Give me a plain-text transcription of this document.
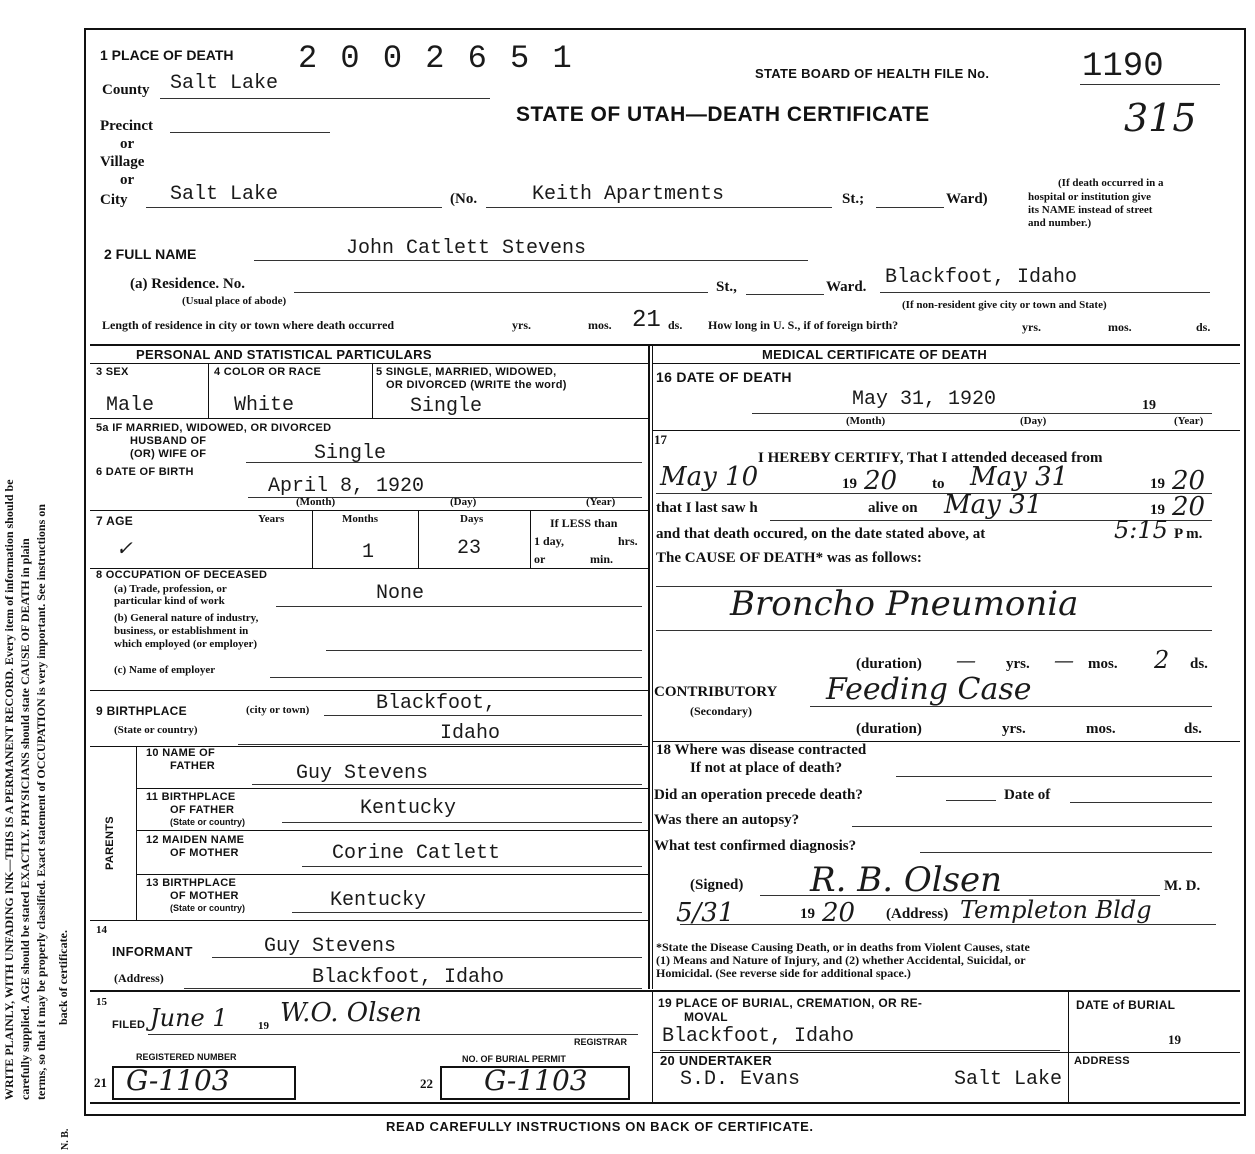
WRITE PLAINLY, WITH UNFADING INK—THIS IS A PERMANENT RECORD. Every item of information should be carefully supplied. AGE should be stated EXACTLY. PHYSICIANS should state CAUSE OF DEATH in plain terms, so that it may be properly classified. Exact statement of OCCUPATION is very important. See instructions on back of certificate.
N. B.
1 PLACE OF DEATH 2 0 0 2 6 5 1	STATE BOARD OF HEALTH FILE No.	1190
STATE OF UTAH—DEATH CERTIFICATE	315
County Salt Lake
Precinct
or
Village
or
City Salt Lake	(No.	Keith Apartments	St.;	Ward)
(If death occurred in a
hospital or institution give
its NAME instead of street
and number.)
2 FULL NAME	John Catlett Stevens
(a) Residence. No.
(Usual place of abode)
St.,	Ward. Blackfoot, Idaho
(If non-resident give city or town and State)
Length of residence in city or town where death occurred	yrs.	mos. 21 ds. How long in U. S., if of foreign birth?	yrs.	mos.	ds.
PERSONAL AND STATISTICAL PARTICULARS
3 SEX
Male
4 COLOR OR RACE
White
5 SINGLE, MARRIED, WIDOWED,
OR DIVORCED (WRITE the word)
Single
5a IF MARRIED, WIDOWED, OR DIVORCED
HUSBAND OF
(OR) WIFE OF	Single
6 DATE OF BIRTH
April 8, 1920
(Month)	(Day)	(Year)
7 AGE	Years
✓
Months
1
Days
23
If LESS than
1 day,	hrs.
or	min.
8 OCCUPATION OF DECEASED
(a) Trade, profession, or
particular kind of work	None
(b) General nature of industry,
business, or establishment in
which employed (or employer)
(c) Name of employer
9 BIRTHPLACE	(city or town)	Blackfoot,
(State or country)	Idaho
PARENTS
10 NAME OF
FATHER	Guy Stevens
11 BIRTHPLACE
OF FATHER
(State or country)
Kentucky
12 MAIDEN NAME
OF MOTHER	Corine Catlett
13 BIRTHPLACE
OF MOTHER
(State or country)	Kentucky
14
INFORMANT	Guy Stevens
(Address)	Blackfoot, Idaho
15
FILED June 1	19 W.O. Olsen
REGISTRAR
REGISTERED NUMBER
21 G-1103
NO. OF BURIAL PERMIT
22 G-1103
MEDICAL CERTIFICATE OF DEATH
16 DATE OF DEATH
May 31, 1920	19
(Month)	(Day)	(Year)
17
I HEREBY CERTIFY, That I attended deceased from
May 10	19 20 to May 31	19 20
that I last saw h	alive on May 31	19 20
and that death occured, on the date stated above, at	5:15 P m.
The CAUSE OF DEATH* was as follows:
Broncho Pneumonia
(duration) — yrs. — mos. 2 ds.
CONTRIBUTORY
(Secondary)
Feeding Case
(duration)	yrs.	mos.	ds.
18 Where was disease contracted
If not at place of death?
Did an operation precede death?	Date of
Was there an autopsy?
What test confirmed diagnosis?
(Signed) R. B. Olsen	M. D.
5/31	19 20 (Address) Templeton Bldg
*State the Disease Causing Death, or in deaths from Violent Causes, state
(1) Means and Nature of Injury, and (2) whether Accidental, Suicidal, or
Homicidal. (See reverse side for additional space.)
19 PLACE OF BURIAL, CREMATION, OR RE-
MOVAL
Blackfoot, Idaho
DATE of BURIAL
19
20 UNDERTAKER
S.D. Evans
ADDRESS
Salt Lake
READ CAREFULLY INSTRUCTIONS ON BACK OF CERTIFICATE.
